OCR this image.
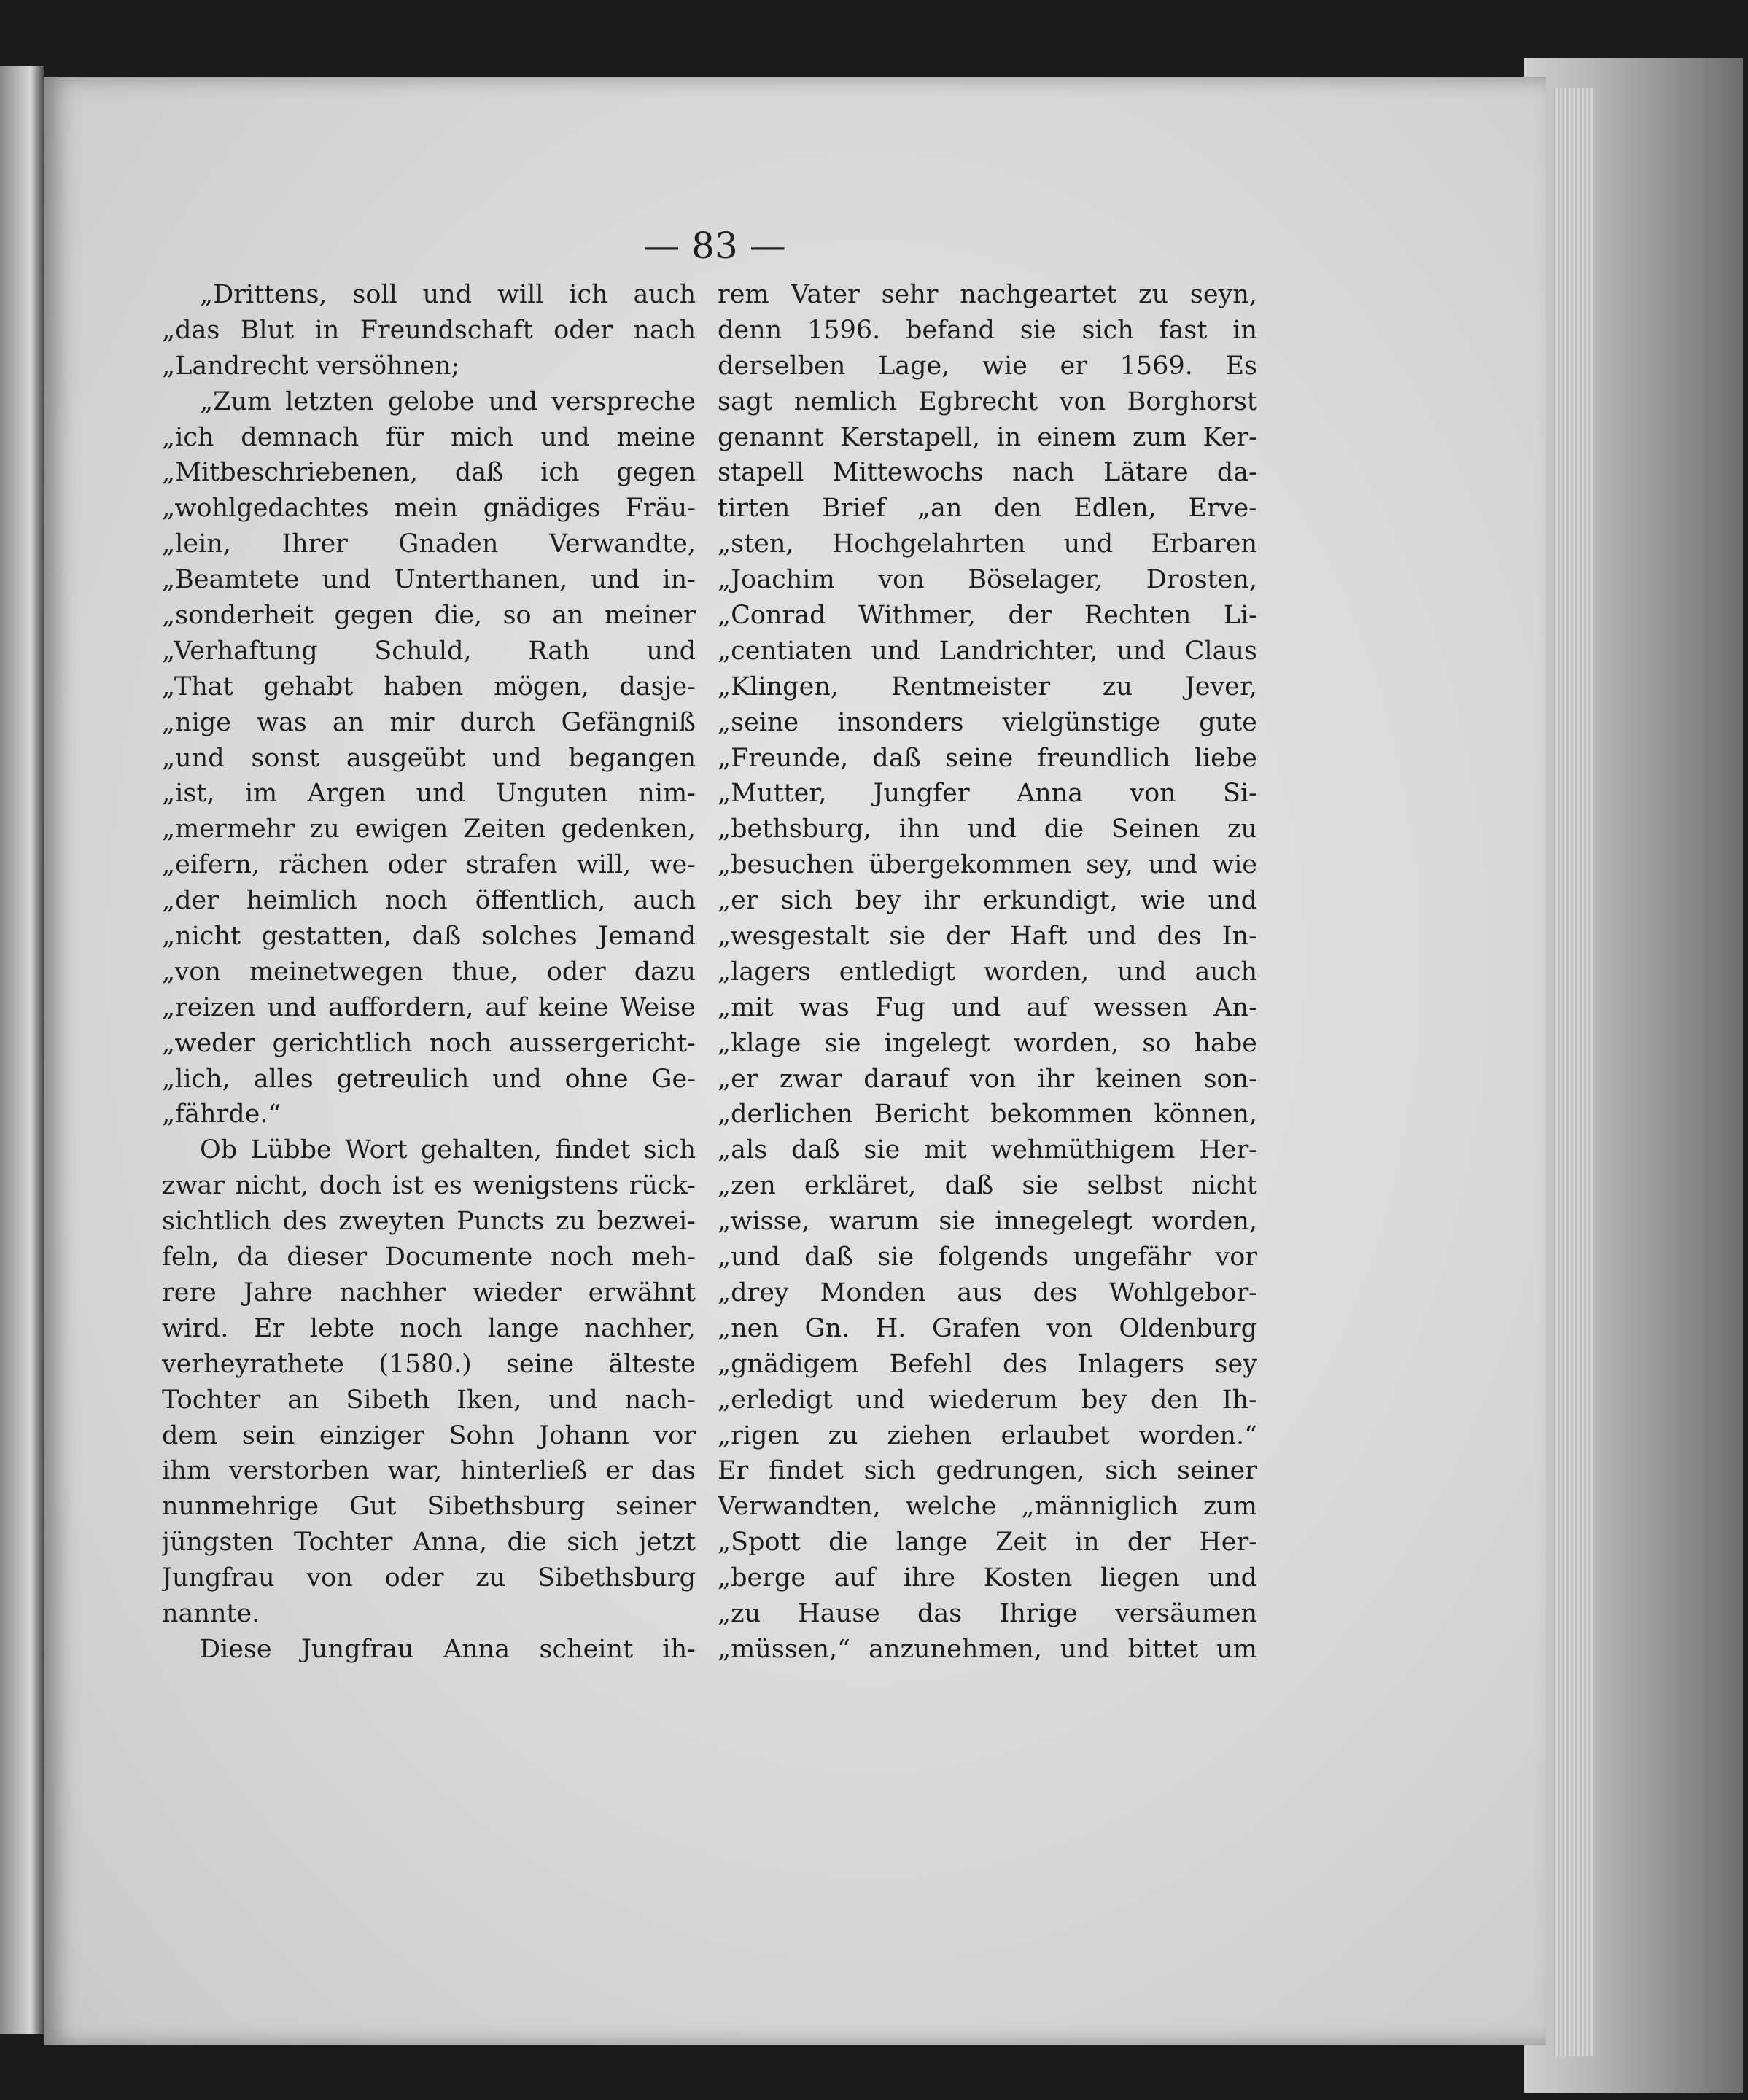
— 83 —
„Drittens, soll und will ich auch
„das Blut in Freundschaft oder nach
„Landrecht versöhnen;
„Zum letzten gelobe und verspreche
„ich demnach für mich und meine
„Mitbeschriebenen, daß ich gegen
„wohlgedachtes mein gnädiges Fräu-
„lein, Ihrer Gnaden Verwandte,
„Beamtete und Unterthanen, und in-
„sonderheit gegen die, so an meiner
„Verhaftung Schuld, Rath und
„That gehabt haben mögen, dasje-
„nige was an mir durch Gefängniß
„und sonst ausgeübt und begangen
„ist, im Argen und Unguten nim-
„mermehr zu ewigen Zeiten gedenken,
„eifern, rächen oder strafen will, we-
„der heimlich noch öffentlich, auch
„nicht gestatten, daß solches Jemand
„von meinetwegen thue, oder dazu
„reizen und auffordern, auf keine Weise
„weder gerichtlich noch aussergericht-
„lich, alles getreulich und ohne Ge-
„fährde.“
Ob Lübbe Wort gehalten, findet sich
zwar nicht, doch ist es wenigstens rück-
sichtlich des zweyten Puncts zu bezwei-
feln, da dieser Documente noch meh-
rere Jahre nachher wieder erwähnt
wird. Er lebte noch lange nachher,
verheyrathete (1580.) seine älteste
Tochter an Sibeth Iken, und nach-
dem sein einziger Sohn Johann vor
ihm verstorben war, hinterließ er das
nunmehrige Gut Sibethsburg seiner
jüngsten Tochter Anna, die sich jetzt
Jungfrau von oder zu Sibethsburg
nannte.
Diese Jungfrau Anna scheint ih-
rem Vater sehr nachgeartet zu seyn,
denn 1596. befand sie sich fast in
derselben Lage, wie er 1569. Es
sagt nemlich Egbrecht von Borghorst
genannt Kerstapell, in einem zum Ker-
stapell Mittewochs nach Lätare da-
tirten Brief „an den Edlen, Erve-
„sten, Hochgelahrten und Erbaren
„Joachim von Böselager, Drosten,
„Conrad Withmer, der Rechten Li-
„centiaten und Landrichter, und Claus
„Klingen, Rentmeister zu Jever,
„seine insonders vielgünstige gute
„Freunde, daß seine freundlich liebe
„Mutter, Jungfer Anna von Si-
„bethsburg, ihn und die Seinen zu
„besuchen übergekommen sey, und wie
„er sich bey ihr erkundigt, wie und
„wesgestalt sie der Haft und des In-
„lagers entledigt worden, und auch
„mit was Fug und auf wessen An-
„klage sie ingelegt worden, so habe
„er zwar darauf von ihr keinen son-
„derlichen Bericht bekommen können,
„als daß sie mit wehmüthigem Her-
„zen erkläret, daß sie selbst nicht
„wisse, warum sie innegelegt worden,
„und daß sie folgends ungefähr vor
„drey Monden aus des Wohlgebor-
„nen Gn. H. Grafen von Oldenburg
„gnädigem Befehl des Inlagers sey
„erledigt und wiederum bey den Ih-
„rigen zu ziehen erlaubet worden.“
Er findet sich gedrungen, sich seiner
Verwandten, welche „männiglich zum
„Spott die lange Zeit in der Her-
„berge auf ihre Kosten liegen und
„zu Hause das Ihrige versäumen
„müssen,“ anzunehmen, und bittet um
